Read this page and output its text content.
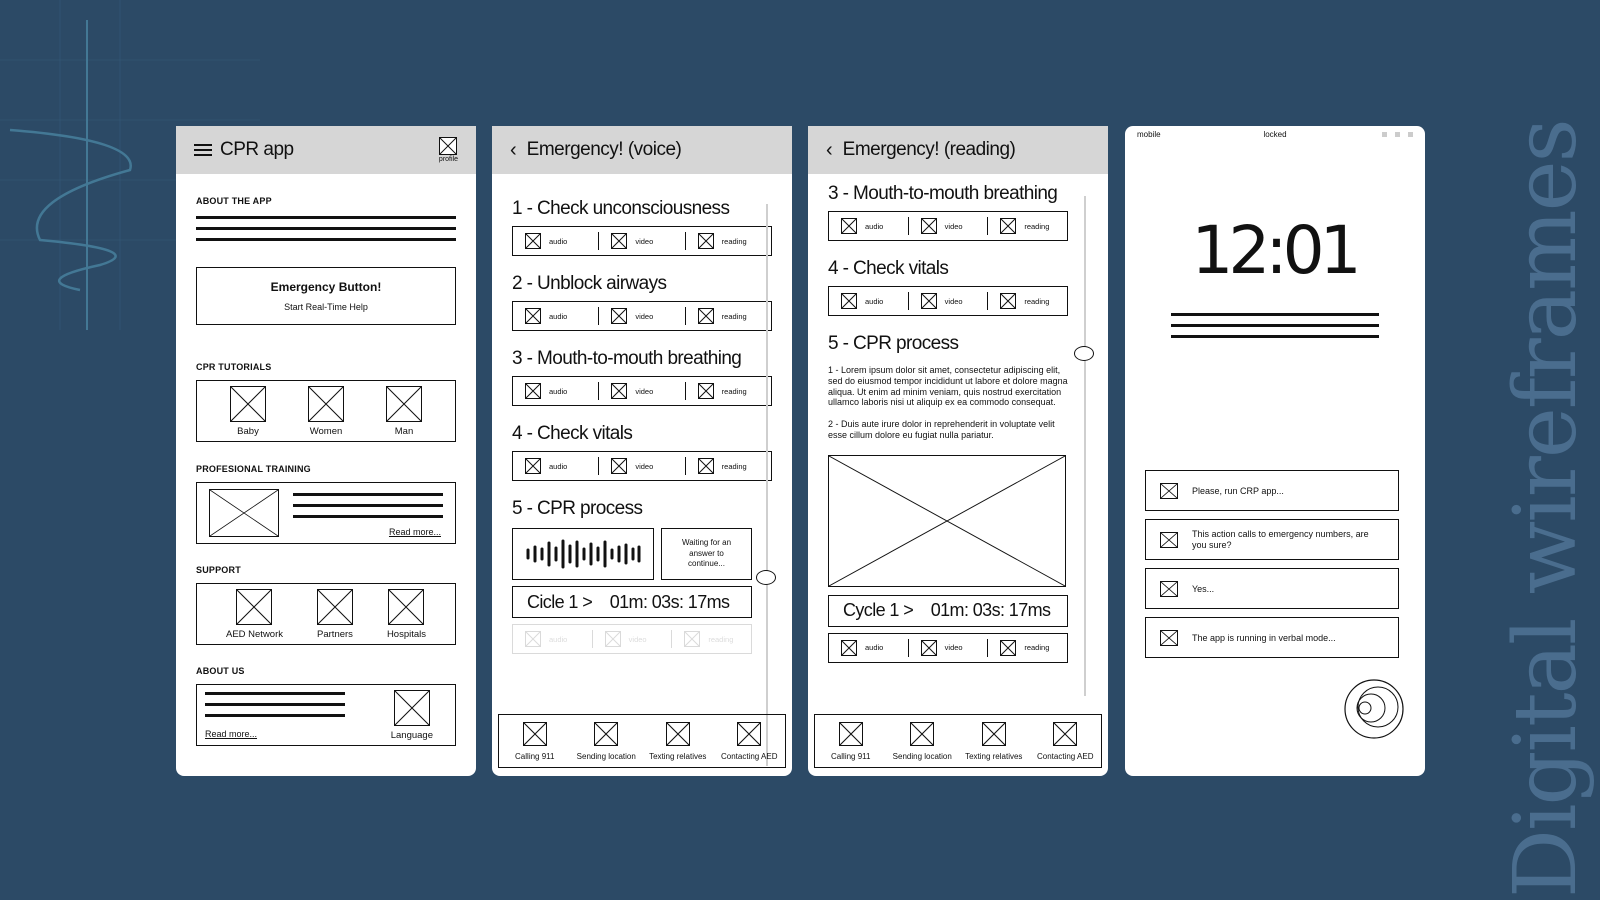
Digital wireframes
CPR app	profile
ABOUT THE APP
Emergency Button!
Start Real-Time Help
CPR TUTORIALS
Baby	Women	Man
PROFESIONAL TRAINING
Read more...
SUPPORT
AED Network	Partners	Hospitals
ABOUT US
Read more...	Language
‹ Emergency! (voice)
1 - Check unconsciousness
audio	video	reading
2 - Unblock airways
audio	video	reading
3 - Mouth-to-mouth breathing
audio	video	reading
4 - Check vitals
audio	video	reading
5 - CPR process
Waiting for an answer to continue...
Cicle 1 >    01m: 03s: 17ms
audio	video	reading
Calling 911	Sending location Texting relatives Contacting AED
‹ Emergency! (reading)
3 - Mouth-to-mouth breathing
audio	video	reading
4 - Check vitals
audio	video	reading
5 - CPR process

1 - Lorem ipsum dolor sit amet, consectetur adipiscing elit, sed do eiusmod tempor incididunt ut labore et dolore magna aliqua. Ut enim ad minim veniam, quis nostrud exercitation ullamco laboris nisi ut aliquip ex ea commodo consequat.

2 - Duis aute irure dolor in reprehenderit in voluptate velit esse cillum dolore eu fugiat nulla pariatur.

Cycle 1 >    01m: 03s: 17ms
audio	video	reading
Calling 911	Sending location Texting relatives Contacting AED
mobile	locked
12:01
Please, run CRP app...
This action calls to emergency numbers, are you sure?
Yes...
The app is running in verbal mode...
